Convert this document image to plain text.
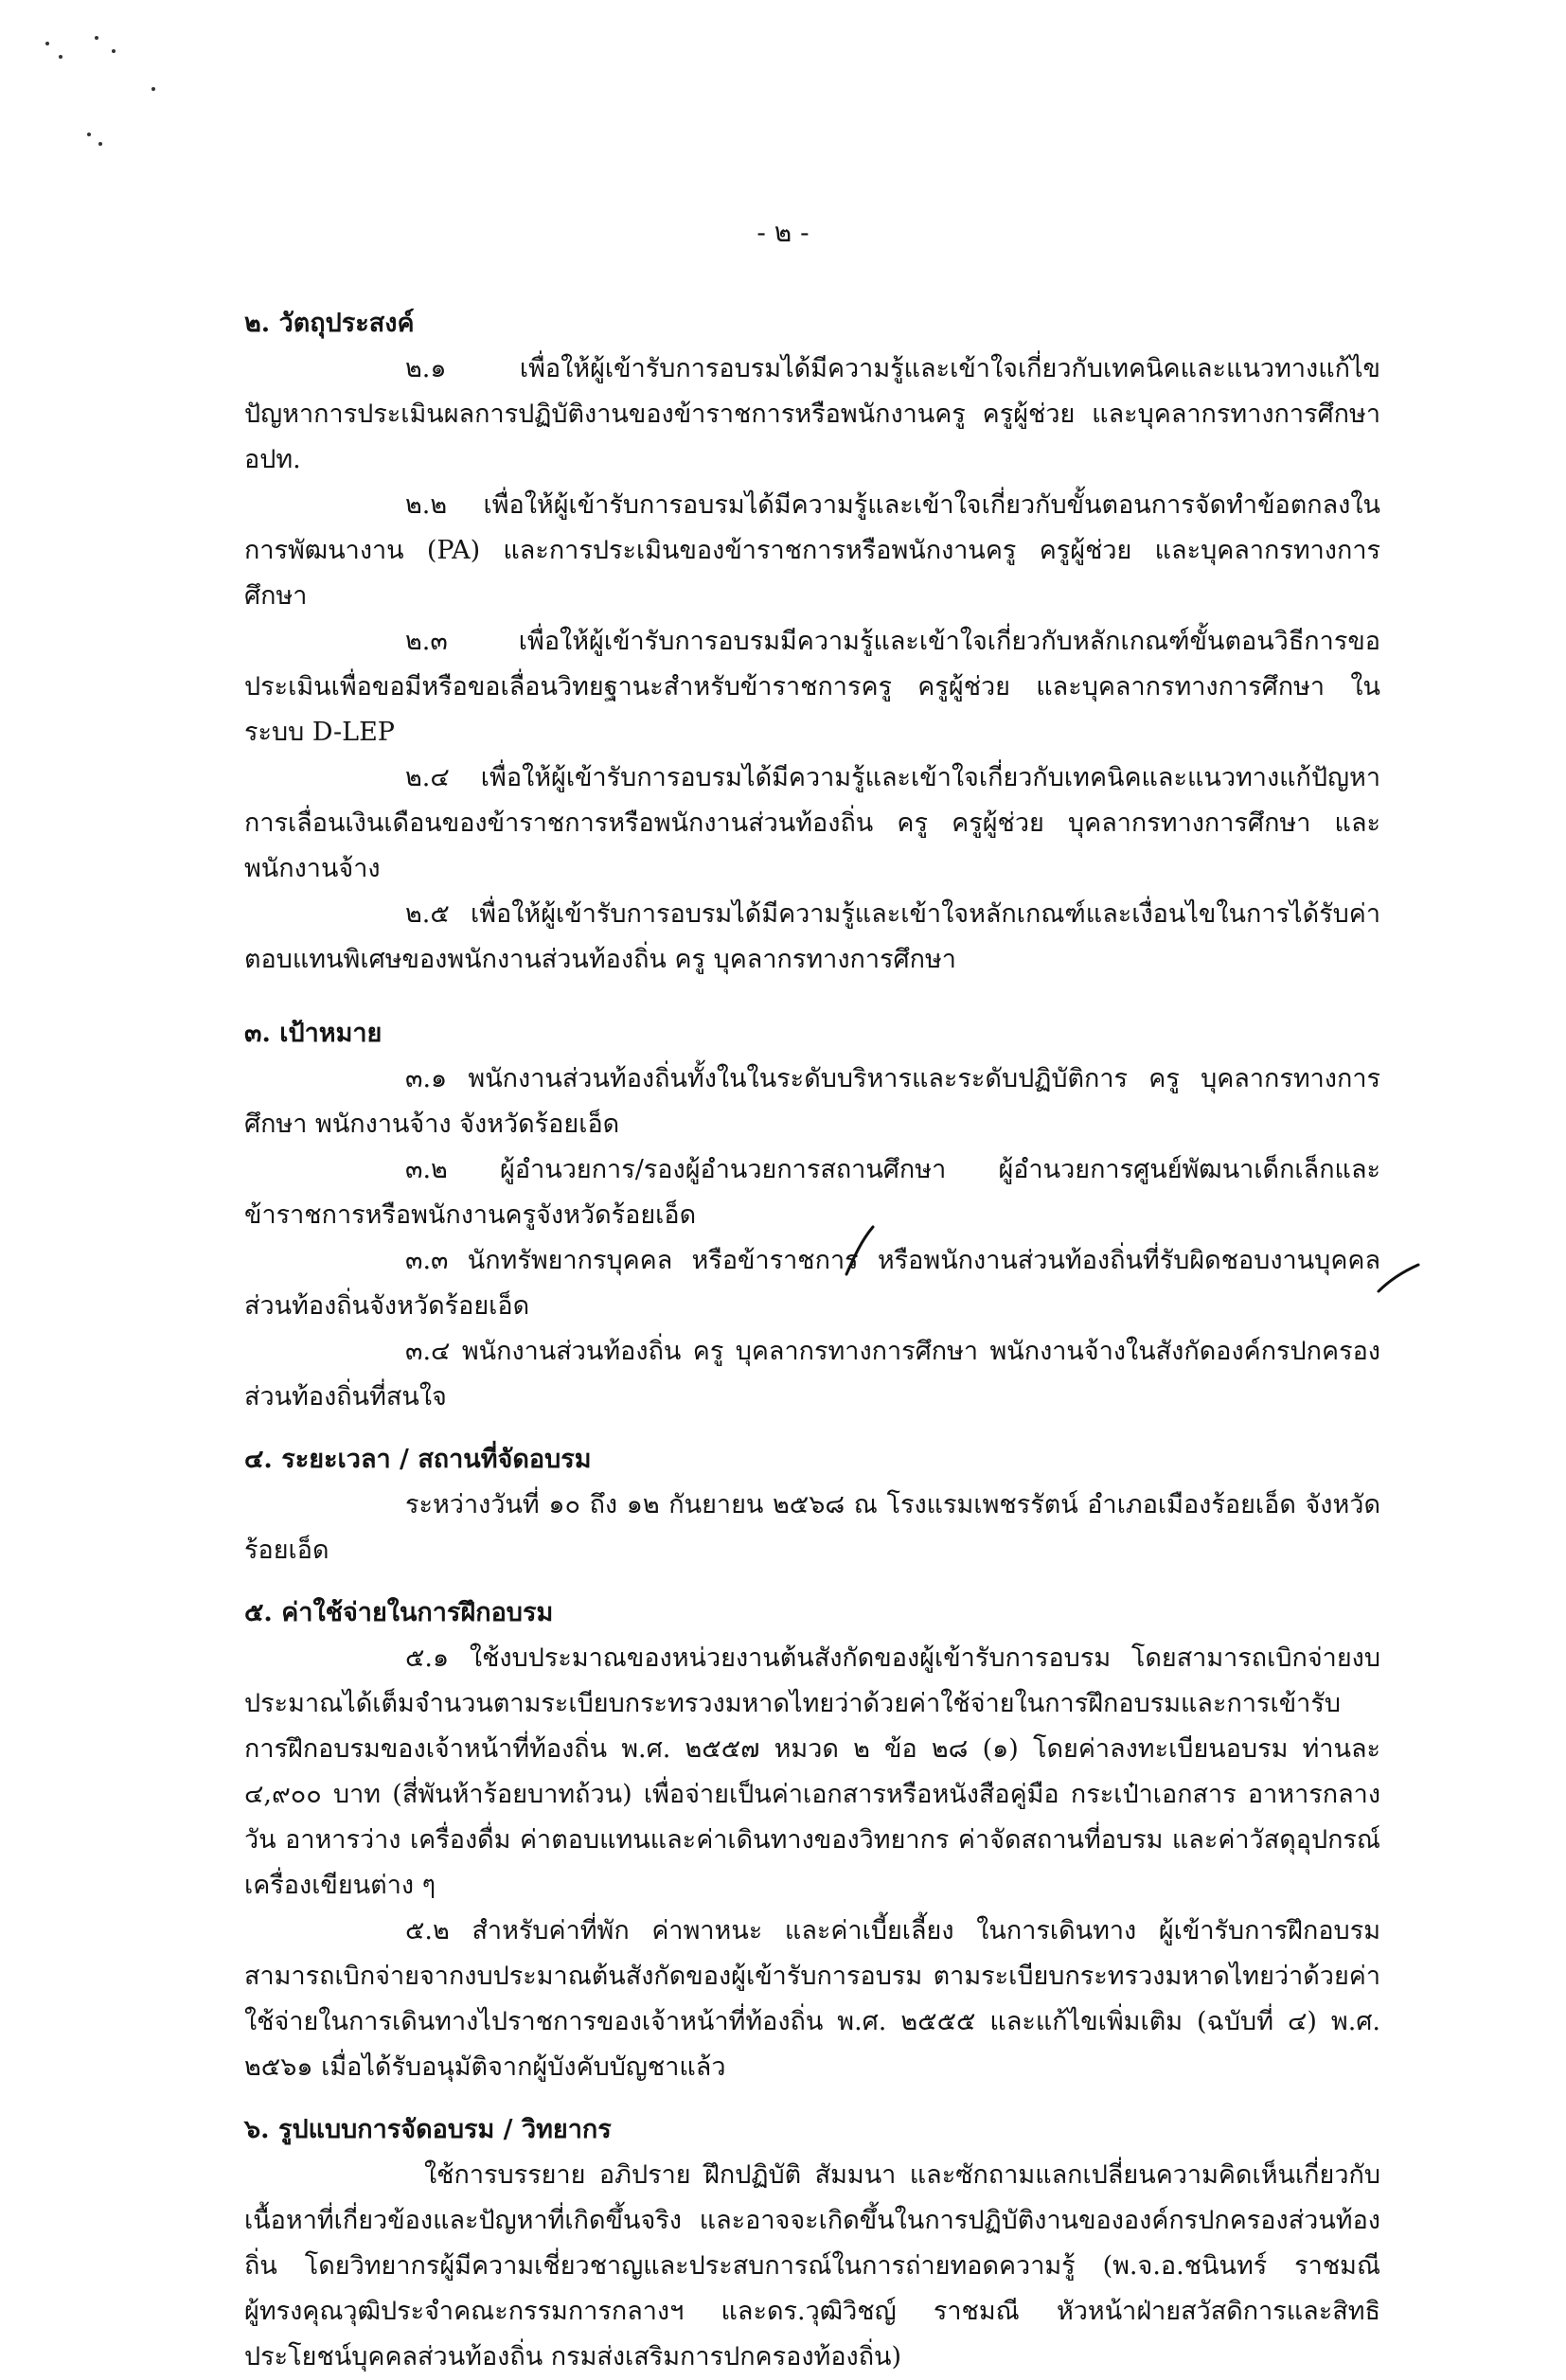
- ๒ -

๒. วัตถุประสงค์

๒.๑ เพื่อให้ผู้เข้ารับการอบรมได้มีความรู้และเข้าใจเกี่ยวกับเทคนิคและแนวทางแก้ไขปัญหาการประเมินผลการปฏิบัติงานของข้าราชการหรือพนักงานครู ครูผู้ช่วย และบุคลากรทางการศึกษา อปท.

๒.๒ เพื่อให้ผู้เข้ารับการอบรมได้มีความรู้และเข้าใจเกี่ยวกับขั้นตอนการจัดทำข้อตกลงในการพัฒนางาน (PA) และการประเมินของข้าราชการหรือพนักงานครู ครูผู้ช่วย และบุคลากรทางการศึกษา

๒.๓ เพื่อให้ผู้เข้ารับการอบรมมีความรู้และเข้าใจเกี่ยวกับหลักเกณฑ์ขั้นตอนวิธีการขอประเมินเพื่อขอมีหรือขอเลื่อนวิทยฐานะสำหรับข้าราชการครู ครูผู้ช่วย และบุคลากรทางการศึกษา ในระบบ D-LEP

๒.๔ เพื่อให้ผู้เข้ารับการอบรมได้มีความรู้และเข้าใจเกี่ยวกับเทคนิคและแนวทางแก้ปัญหาการเลื่อนเงินเดือนของข้าราชการหรือพนักงานส่วนท้องถิ่น ครู ครูผู้ช่วย บุคลากรทางการศึกษา และพนักงานจ้าง

๒.๕ เพื่อให้ผู้เข้ารับการอบรมได้มีความรู้และเข้าใจหลักเกณฑ์และเงื่อนไขในการได้รับค่าตอบแทนพิเศษของพนักงานส่วนท้องถิ่น ครู บุคลากรทางการศึกษา

๓. เป้าหมาย

๓.๑ พนักงานส่วนท้องถิ่นทั้งในในระดับบริหารและระดับปฏิบัติการ ครู บุคลากรทางการศึกษา พนักงานจ้าง จังหวัดร้อยเอ็ด

๓.๒ ผู้อำนวยการ/รองผู้อำนวยการสถานศึกษา ผู้อำนวยการศูนย์พัฒนาเด็กเล็กและข้าราชการหรือพนักงานครูจังหวัดร้อยเอ็ด

๓.๓ นักทรัพยากรบุคคล หรือข้าราชการ หรือพนักงานส่วนท้องถิ่นที่รับผิดชอบงานบุคคลส่วนท้องถิ่นจังหวัดร้อยเอ็ด

๓.๔ พนักงานส่วนท้องถิ่น ครู บุคลากรทางการศึกษา พนักงานจ้างในสังกัดองค์กรปกครองส่วนท้องถิ่นที่สนใจ

๔. ระยะเวลา / สถานที่จัดอบรม

ระหว่างวันที่ ๑๐ ถึง ๑๒ กันยายน ๒๕๖๘ ณ โรงแรมเพชรรัตน์ อำเภอเมืองร้อยเอ็ด จังหวัดร้อยเอ็ด

๕. ค่าใช้จ่ายในการฝึกอบรม

๕.๑ ใช้งบประมาณของหน่วยงานต้นสังกัดของผู้เข้ารับการอบรม โดยสามารถเบิกจ่ายงบประมาณได้เต็มจำนวนตามระเบียบกระทรวงมหาดไทยว่าด้วยค่าใช้จ่ายในการฝึกอบรมและการเข้ารับการฝึกอบรมของเจ้าหน้าที่ท้องถิ่น พ.ศ. ๒๕๕๗ หมวด ๒ ข้อ ๒๘ (๑) โดยค่าลงทะเบียนอบรม ท่านละ ๔,๙๐๐ บาท (สี่พันห้าร้อยบาทถ้วน) เพื่อจ่ายเป็นค่าเอกสารหรือหนังสือคู่มือ กระเป๋าเอกสาร อาหารกลางวัน อาหารว่าง เครื่องดื่ม ค่าตอบแทนและค่าเดินทางของวิทยากร ค่าจัดสถานที่อบรม และค่าวัสดุอุปกรณ์เครื่องเขียนต่าง ๆ

๕.๒ สำหรับค่าที่พัก ค่าพาหนะ และค่าเบี้ยเลี้ยง ในการเดินทาง ผู้เข้ารับการฝึกอบรมสามารถเบิกจ่ายจากงบประมาณต้นสังกัดของผู้เข้ารับการอบรม ตามระเบียบกระทรวงมหาดไทยว่าด้วยค่าใช้จ่ายในการเดินทางไปราชการของเจ้าหน้าที่ท้องถิ่น พ.ศ. ๒๕๕๕ และแก้ไขเพิ่มเติม (ฉบับที่ ๔) พ.ศ. ๒๕๖๑ เมื่อได้รับอนุมัติจากผู้บังคับบัญชาแล้ว

๖. รูปแบบการจัดอบรม / วิทยากร

ใช้การบรรยาย อภิปราย ฝึกปฏิบัติ สัมมนา และซักถามแลกเปลี่ยนความคิดเห็นเกี่ยวกับเนื้อหาที่เกี่ยวข้องและปัญหาที่เกิดขึ้นจริง และอาจจะเกิดขึ้นในการปฏิบัติงานขององค์กรปกครองส่วนท้องถิ่น โดยวิทยากรผู้มีความเชี่ยวชาญและประสบการณ์ในการถ่ายทอดความรู้ (พ.จ.อ.ชนินทร์ ราชมณี ผู้ทรงคุณวุฒิประจำคณะกรรมการกลางฯ และดร.วุฒิวิชญ์ ราชมณี หัวหน้าฝ่ายสวัสดิการและสิทธิประโยชน์บุคคลส่วนท้องถิ่น กรมส่งเสริมการปกครองท้องถิ่น)
